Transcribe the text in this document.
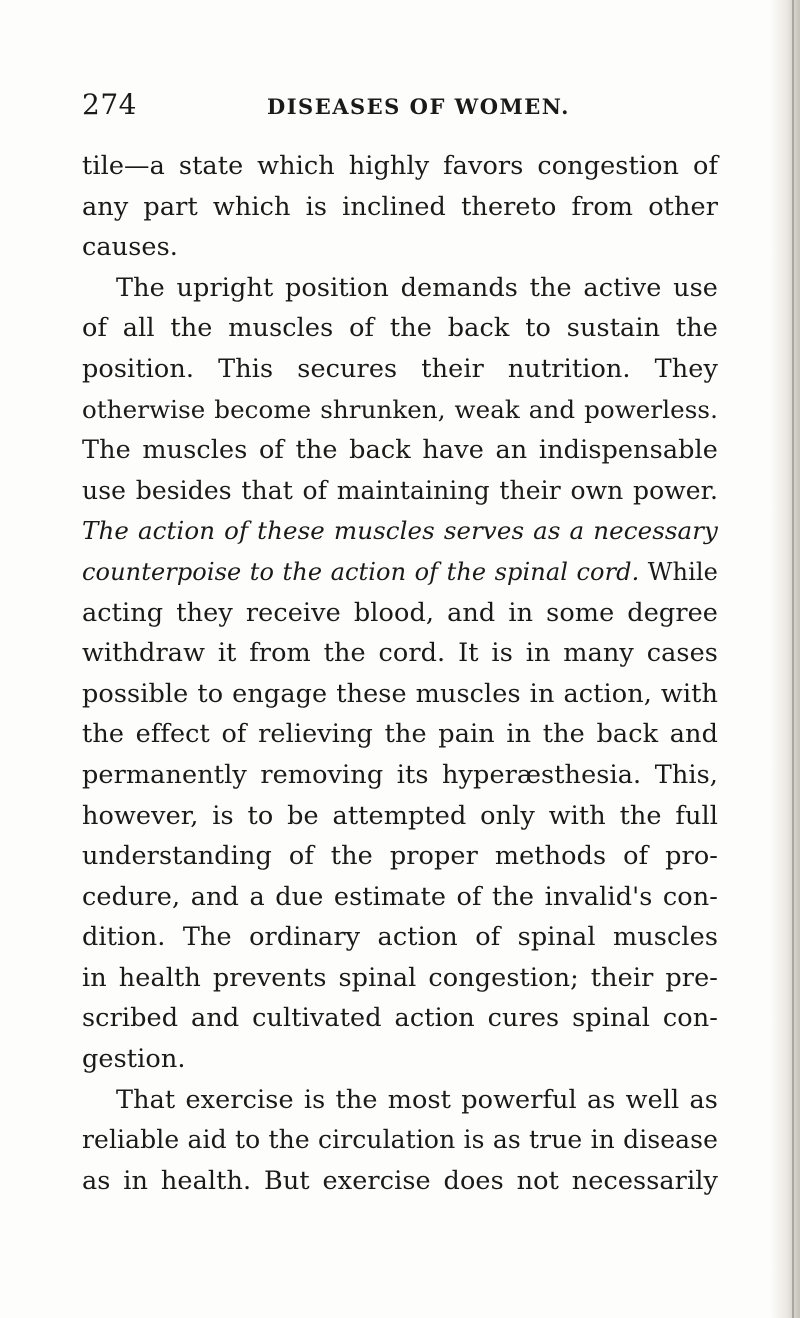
274	DISEASES OF WOMEN.
tile—a state which highly favors congestion of
any part which is inclined thereto from other
causes.
The upright position demands the active use
of all the muscles of the back to sustain the
position. This secures their nutrition. They
otherwise become shrunken, weak and powerless.
The muscles of the back have an indispensable
use besides that of maintaining their own power.
The action of these muscles serves as a necessary
counterpoise to the action of the spinal cord. While
acting they receive blood, and in some degree
withdraw it from the cord. It is in many cases
possible to engage these muscles in action, with
the effect of relieving the pain in the back and
permanently removing its hyperæsthesia. This,
however, is to be attempted only with the full
understanding of the proper methods of pro-
cedure, and a due estimate of the invalid's con-
dition. The ordinary action of spinal muscles
in health prevents spinal congestion; their pre-
scribed and cultivated action cures spinal con-
gestion.
That exercise is the most powerful as well as
reliable aid to the circulation is as true in disease
as in health. But exercise does not necessarily
